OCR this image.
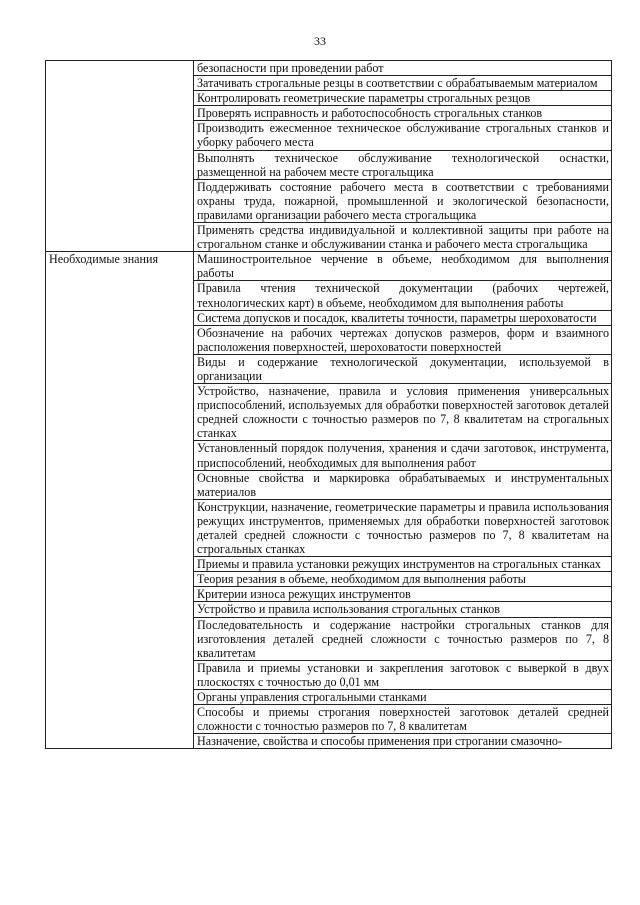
33
	безопасности при проведении работ
	Затачивать строгальные резцы в соответствии с обрабатываемым материалом
	Контролировать геометрические параметры строгальных резцов
	Проверять исправность и работоспособность строгальных станков
	Производить ежесменное техническое обслуживание строгальных станков и уборку рабочего места
	Выполнять техническое обслуживание технологической оснастки, размещенной на рабочем месте строгальщика
	Поддерживать состояние рабочего места в соответствии с требованиями охраны труда, пожарной, промышленной и экологической безопасности, правилами организации рабочего места строгальщика
	Применять средства индивидуальной и коллективной защиты при работе на строгальном станке и обслуживании станка и рабочего места строгальщика

Необходимые знания	Машиностроительное черчение в объеме, необходимом для выполнения работы
	Правила чтения технической документации (рабочих чертежей, технологических карт) в объеме, необходимом для выполнения работы
	Система допусков и посадок, квалитеты точности, параметры шероховатости
	Обозначение на рабочих чертежах допусков размеров, форм и взаимного расположения поверхностей, шероховатости поверхностей
	Виды и содержание технологической документации, используемой в организации
	Устройство, назначение, правила и условия применения универсальных приспособлений, используемых для обработки поверхностей заготовок деталей средней сложности с точностью размеров по 7, 8 квалитетам на строгальных станках
	Установленный порядок получения, хранения и сдачи заготовок, инструмента, приспособлений, необходимых для выполнения работ
	Основные свойства и маркировка обрабатываемых и инструментальных материалов
	Конструкции, назначение, геометрические параметры и правила использования режущих инструментов, применяемых для обработки поверхностей заготовок деталей средней сложности с точностью размеров по 7, 8 квалитетам на строгальных станках
	Приемы и правила установки режущих инструментов на строгальных станках
	Теория резания в объеме, необходимом для выполнения работы
	Критерии износа режущих инструментов
	Устройство и правила использования строгальных станков
	Последовательность и содержание настройки строгальных станков для изготовления деталей средней сложности с точностью размеров по 7, 8 квалитетам
	Правила и приемы установки и закрепления заготовок с выверкой в двух плоскостях с точностью до 0,01 мм
	Органы управления строгальными станками
	Способы и приемы строгания поверхностей заготовок деталей средней сложности с точностью размеров по 7, 8 квалитетам
	Назначение, свойства и способы применения при строгании смазочно-
